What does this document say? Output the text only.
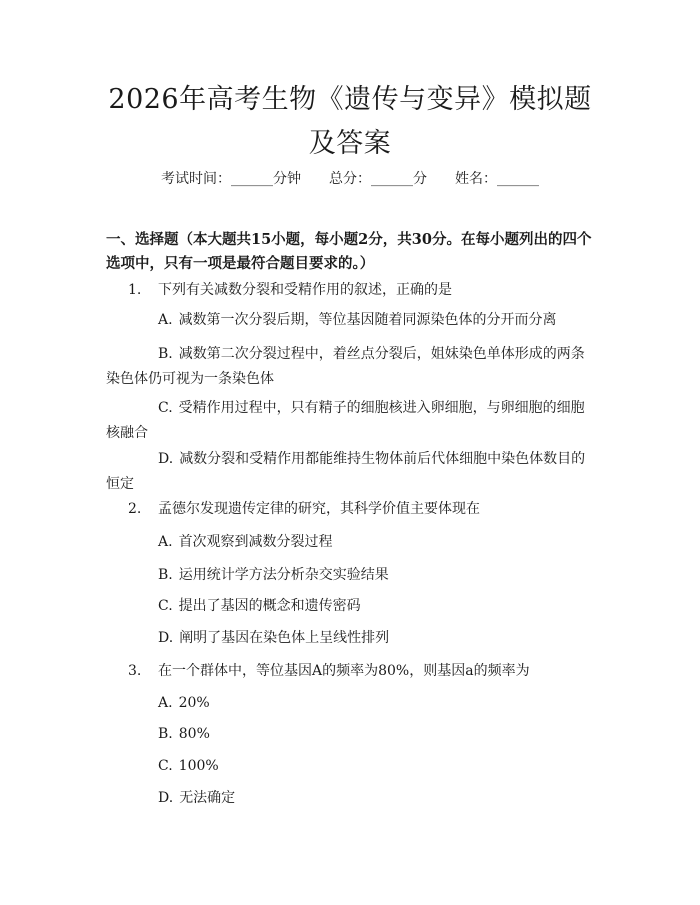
2026年高考生物《遗传与变异》模拟题及答案
考试时间：______分钟 总分：______分 姓名：______
一、选择题（本大题共15小题，每小题2分，共30分。在每小题列出的四个选项中，只有一项是最符合题目要求的。）
1. 下列有关减数分裂和受精作用的叙述，正确的是
A. 减数第一次分裂后期，等位基因随着同源染色体的分开而分离
B. 减数第二次分裂过程中，着丝点分裂后，姐妹染色单体形成的两条染色体仍可视为一条染色体
C. 受精作用过程中，只有精子的细胞核进入卵细胞，与卵细胞的细胞核融合
D. 减数分裂和受精作用都能维持生物体前后代体细胞中染色体数目的恒定
2. 孟德尔发现遗传定律的研究，其科学价值主要体现在
A. 首次观察到减数分裂过程
B. 运用统计学方法分析杂交实验结果
C. 提出了基因的概念和遗传密码
D. 阐明了基因在染色体上呈线性排列
3. 在一个群体中，等位基因A的频率为80%，则基因a的频率为
A. 20%
B. 80%
C. 100%
D. 无法确定
